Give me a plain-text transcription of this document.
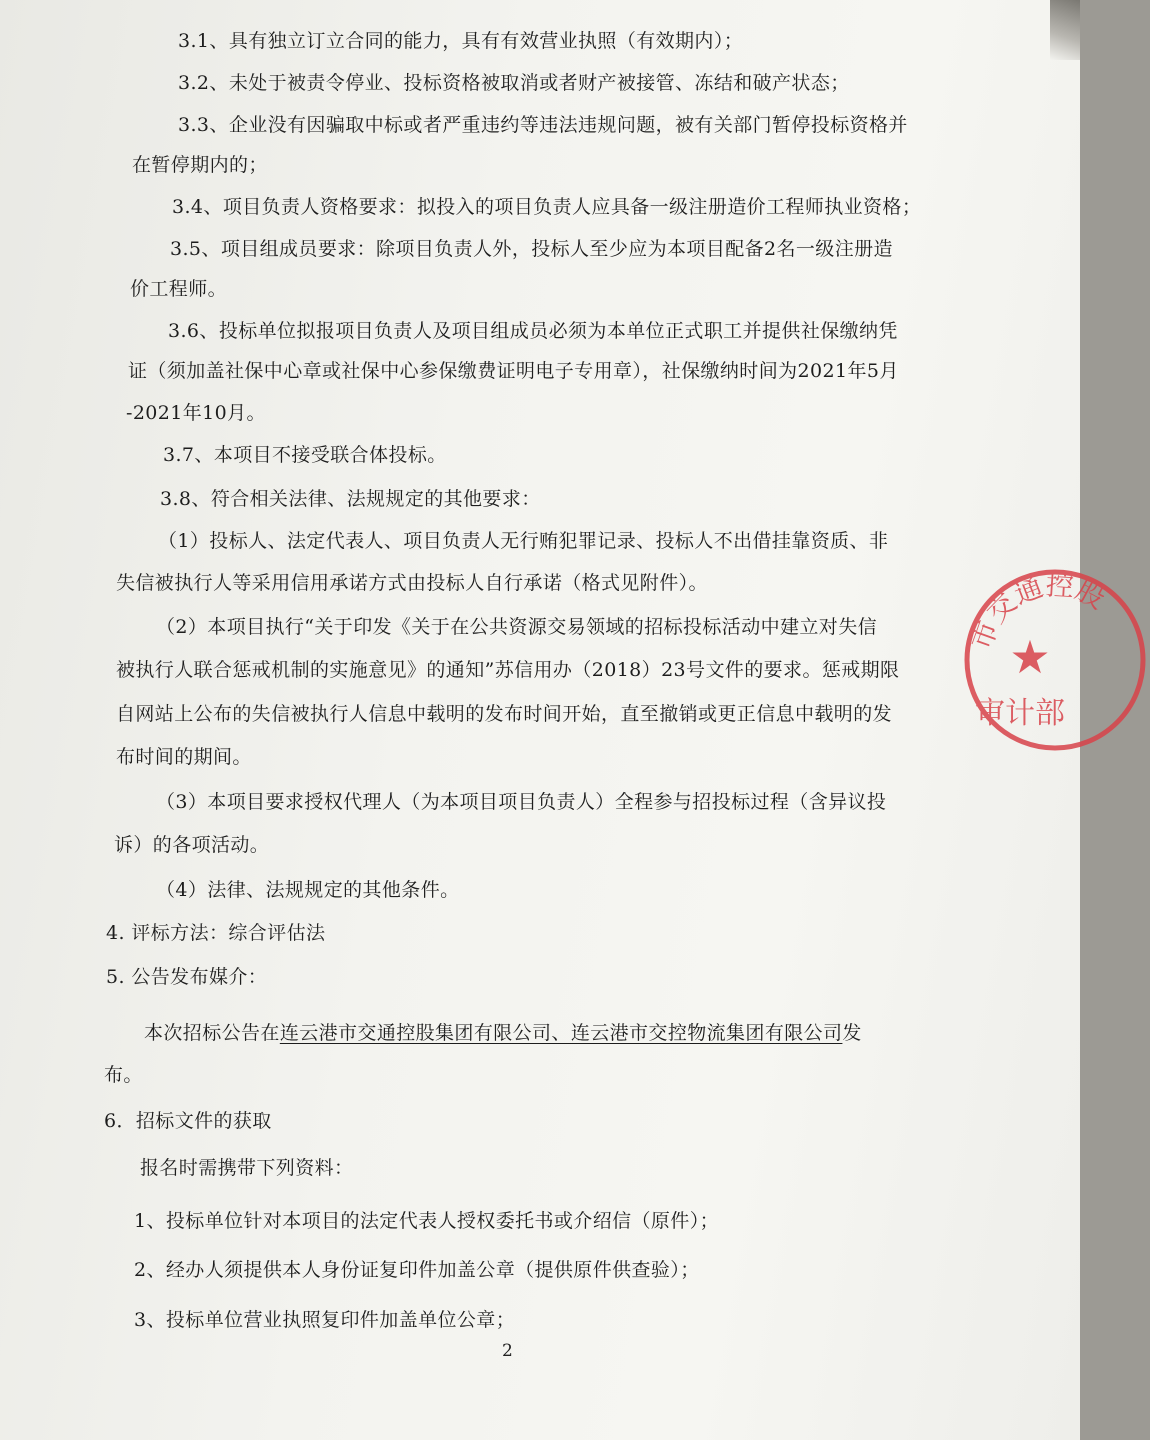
3.1、具有独立订立合同的能力，具有有效营业执照（有效期内）；
3.2、未处于被责令停业、投标资格被取消或者财产被接管、冻结和破产状态；
3.3、企业没有因骗取中标或者严重违约等违法违规问题，被有关部门暂停投标资格并
在暂停期内的；
3.4、项目负责人资格要求：拟投入的项目负责人应具备一级注册造价工程师执业资格；
3.5、项目组成员要求：除项目负责人外，投标人至少应为本项目配备2名一级注册造
价工程师。
3.6、投标单位拟报项目负责人及项目组成员必须为本单位正式职工并提供社保缴纳凭
证（须加盖社保中心章或社保中心参保缴费证明电子专用章），社保缴纳时间为2021年5月
-2021年10月。
3.7、本项目不接受联合体投标。
3.8、符合相关法律、法规规定的其他要求：
（1）投标人、法定代表人、项目负责人无行贿犯罪记录、投标人不出借挂靠资质、非
失信被执行人等采用信用承诺方式由投标人自行承诺（格式见附件）。
（2）本项目执行“关于印发《关于在公共资源交易领域的招标投标活动中建立对失信
被执行人联合惩戒机制的实施意见》的通知”苏信用办（2018）23号文件的要求。惩戒期限
自网站上公布的失信被执行人信息中载明的发布时间开始，直至撤销或更正信息中载明的发
布时间的期间。
（3）本项目要求授权代理人（为本项目项目负责人）全程参与招投标过程（含异议投
诉）的各项活动。
（4）法律、法规规定的其他条件。
4. 评标方法：综合评估法
5. 公告发布媒介：
本次招标公告在连云港市交通控股集团有限公司、连云港市交控物流集团有限公司发
布。
6．招标文件的获取
报名时需携带下列资料：
1、投标单位针对本项目的法定代表人授权委托书或介绍信（原件）；
2、经办人须提供本人身份证复印件加盖公章（提供原件供查验）；
3、投标单位营业执照复印件加盖单位公章；
2
市交通控股
★
审计部
